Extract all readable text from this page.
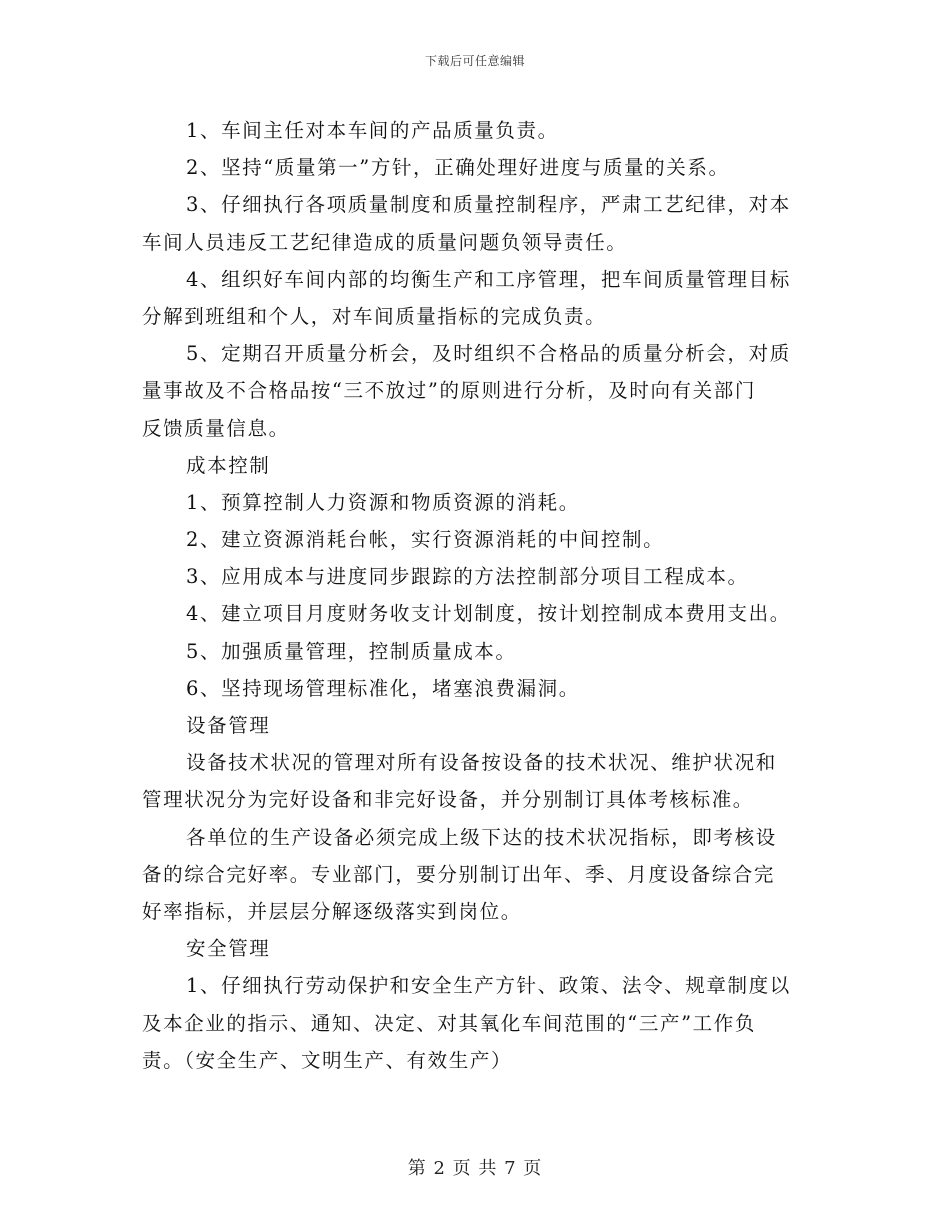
下载后可任意编辑
1、车间主任对本车间的产品质量负责。
2、坚持“质量第一”方针，正确处理好进度与质量的关系。
3、仔细执行各项质量制度和质量控制程序，严肃工艺纪律，对本
车间人员违反工艺纪律造成的质量问题负领导责任。
4、组织好车间内部的均衡生产和工序管理，把车间质量管理目标
分解到班组和个人，对车间质量指标的完成负责。
5、定期召开质量分析会，及时组织不合格品的质量分析会，对质
量事故及不合格品按“三不放过”的原则进行分析，及时向有关部门
反馈质量信息。
成本控制
1、预算控制人力资源和物质资源的消耗。
2、建立资源消耗台帐，实行资源消耗的中间控制。
3、应用成本与进度同步跟踪的方法控制部分项目工程成本。
4、建立项目月度财务收支计划制度，按计划控制成本费用支出。
5、加强质量管理，控制质量成本。
6、坚持现场管理标准化，堵塞浪费漏洞。
设备管理
设备技术状况的管理对所有设备按设备的技术状况、维护状况和
管理状况分为完好设备和非完好设备，并分别制订具体考核标准。
各单位的生产设备必须完成上级下达的技术状况指标，即考核设
备的综合完好率。专业部门，要分别制订出年、季、月度设备综合完
好率指标，并层层分解逐级落实到岗位。
安全管理
1、仔细执行劳动保护和安全生产方针、政策、法令、规章制度以
及本企业的指示、通知、决定、对其氧化车间范围的“三产”工作负
责。（安全生产、文明生产、有效生产）
第 2 页 共 7 页
